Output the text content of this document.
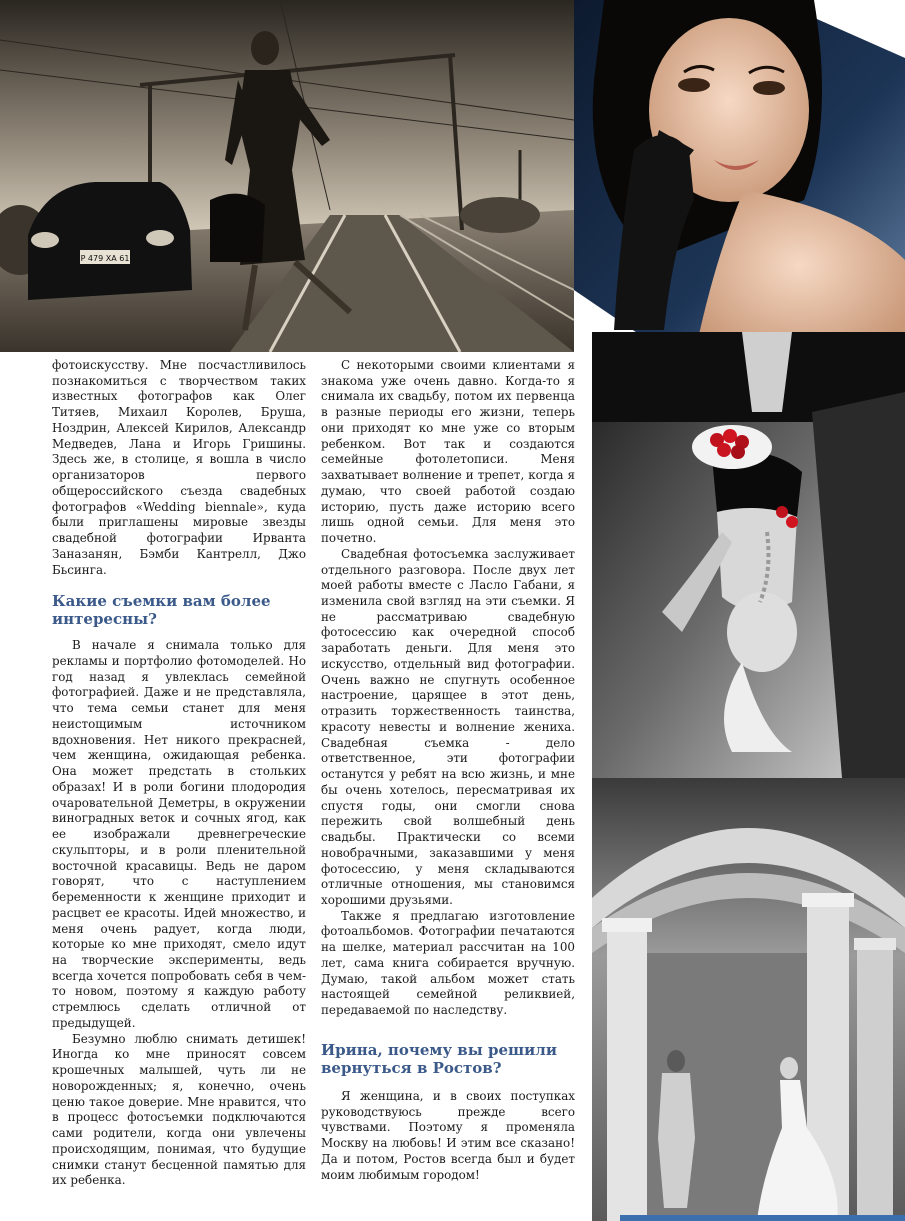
Р 479 ХА 61

фотоискусству. Мне посчастливилось познакомиться с творчеством таких известных фотографов как Олег Титяев, Михаил Королев, Бруша, Ноздрин, Алексей Кирилов, Александр Медведев, Лана и Игорь Гришины. Здесь же, в столице, я вошла в число организаторов первого общероссийского съезда свадебных фотографов «Wedding biennale», куда были приглашены мировые звезды свадебной фотографии Ирванта Заназанян, Бэмби Кантрелл, Джо Бьсинга.

Какие съемки вам более интересны?

В начале я снимала только для рекламы и портфолио фотомоделей. Но год назад я увлеклась семейной фотографией. Даже и не представляла, что тема семьи станет для меня неистощимым источником вдохновения. Нет никого прекрасней, чем женщина, ожидающая ребенка. Она может предстать в стольких образах! И в роли богини плодородия очаровательной Деметры, в окружении виноградных веток и сочных ягод, как ее изображали древнегреческие скульпторы, и в роли пленительной восточной красавицы. Ведь не даром говорят, что с наступлением беременности к женщине приходит и расцвет ее красоты. Идей множество, и меня очень радует, когда люди, которые ко мне приходят, смело идут на творческие эксперименты, ведь всегда хочется попробовать себя в чем-то новом, поэтому я каждую работу стремлюсь сделать отличной от предыдущей.

Безумно люблю снимать детишек! Иногда ко мне приносят совсем крошечных малышей, чуть ли не новорожденных; я, конечно, очень ценю такое доверие. Мне нравится, что в процесс фотосъемки подключаются сами родители, когда они увлечены происходящим, понимая, что будущие снимки станут бесценной памятью для их ребенка.

С некоторыми своими клиентами я знакома уже очень давно. Когда-то я снимала их свадьбу, потом их первенца в разные периоды его жизни, теперь они приходят ко мне уже со вторым ребенком. Вот так и создаются семейные фотолетописи. Меня захватывает волнение и трепет, когда я думаю, что своей работой создаю историю, пусть даже историю всего лишь одной семьи. Для меня это почетно.

Свадебная фотосъемка заслуживает отдельного разговора. После двух лет моей работы вместе с Ласло Габани, я изменила свой взгляд на эти съемки. Я не рассматриваю свадебную фотосессию как очередной способ заработать деньги. Для меня это искусство, отдельный вид фотографии. Очень важно не спугнуть особенное настроение, царящее в этот день, отразить торжественность таинства, красоту невесты и волнение жениха. Свадебная съемка - дело ответственное, эти фотографии останутся у ребят на всю жизнь, и мне бы очень хотелось, пересматривая их спустя годы, они смогли снова пережить свой волшебный день свадьбы. Практически со всеми новобрачными, заказавшими у меня фотосессию, у меня складываются отличные отношения, мы становимся хорошими друзьями.

Также я предлагаю изготовление фотоальбомов. Фотографии печатаются на шелке, материал рассчитан на 100 лет, сама книга собирается вручную. Думаю, такой альбом может стать настоящей семейной реликвией, передаваемой по наследству.

Ирина, почему вы решили вернуться в Ростов?

Я женщина, и в своих поступках руководствуюсь прежде всего чувствами. Поэтому я променяла Москву на любовь! И этим все сказано! Да и потом, Ростов всегда был и будет моим любимым городом!
